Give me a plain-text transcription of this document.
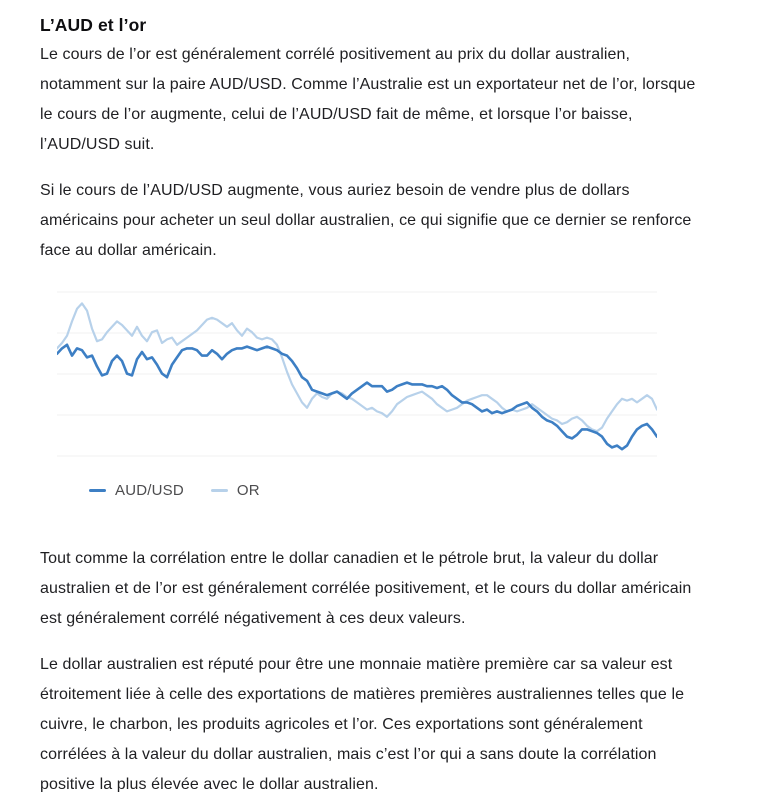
L’AUD et l’or

Le cours de l’or est généralement corrélé positivement au prix du dollar australien, notamment sur la paire AUD/USD. Comme l’Australie est un exportateur net de l’or, lorsque le cours de l’or augmente, celui de l’AUD/USD fait de même, et lorsque l’or baisse, l’AUD/USD suit.

Si le cours de l’AUD/USD augmente, vous auriez besoin de vendre plus de dollars américains pour acheter un seul dollar australien, ce qui signifie que ce dernier se renforce face au dollar américain.

AUD/USD	OR

Tout comme la corrélation entre le dollar canadien et le pétrole brut, la valeur du dollar australien et de l’or est généralement corrélée positivement, et le cours du dollar américain est généralement corrélé négativement à ces deux valeurs.

Le dollar australien est réputé pour être une monnaie matière première car sa valeur est étroitement liée à celle des exportations de matières premières australiennes telles que le cuivre, le charbon, les produits agricoles et l’or. Ces exportations sont généralement corrélées à la valeur du dollar australien, mais c’est l’or qui a sans doute la corrélation positive la plus élevée avec le dollar australien.
